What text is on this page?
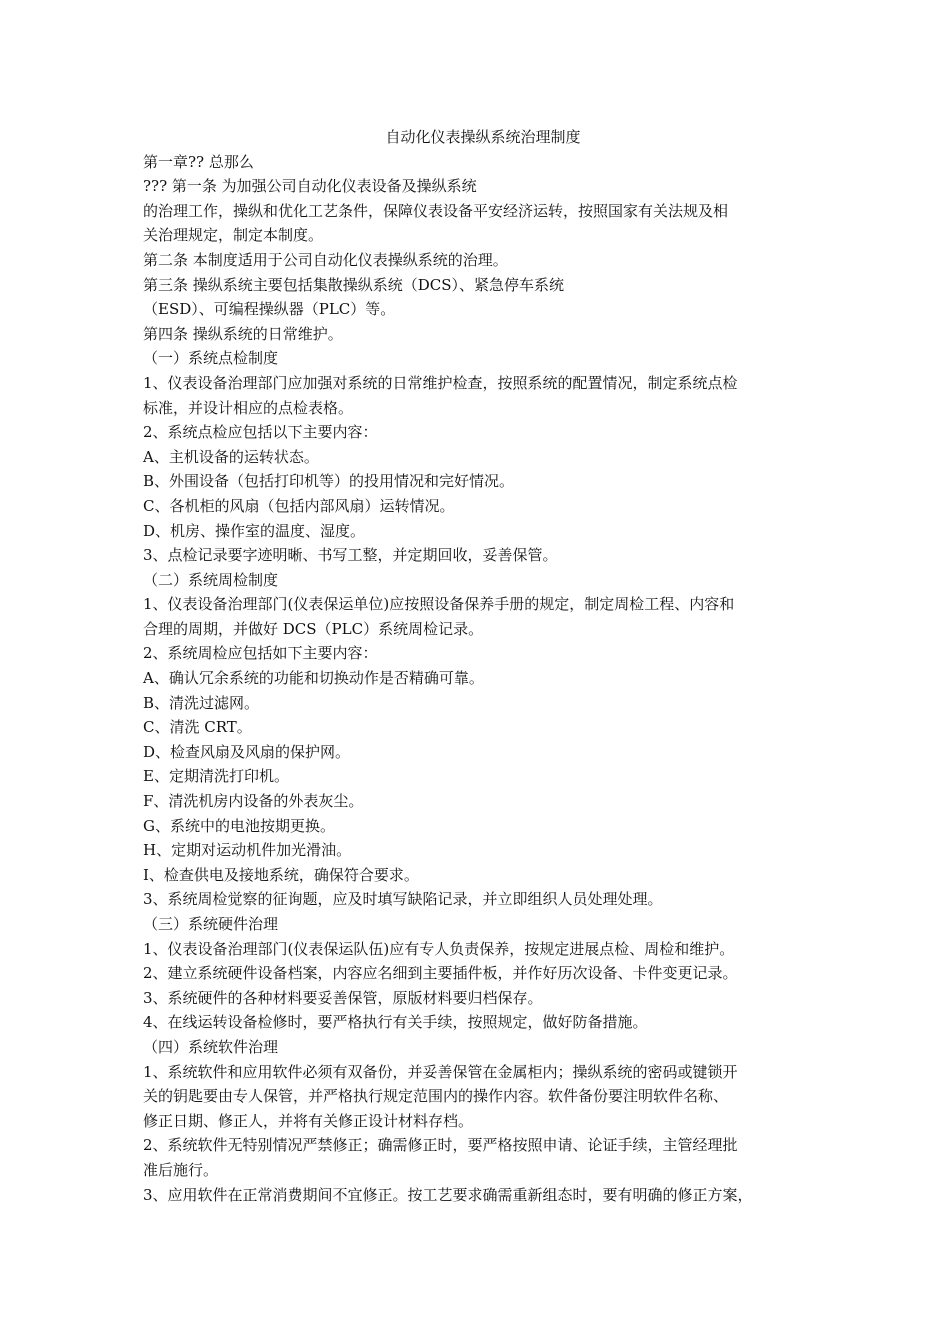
自动化仪表操纵系统治理制度
第一章?? 总那么
??? 第一条 为加强公司自动化仪表设备及操纵系统
的治理工作，操纵和优化工艺条件，保障仪表设备平安经济运转，按照国家有关法规及相
关治理规定，制定本制度。
第二条 本制度适用于公司自动化仪表操纵系统的治理。
第三条 操纵系统主要包括集散操纵系统（DCS）、紧急停车系统
（ESD）、可编程操纵器（PLC）等。
第四条 操纵系统的日常维护。
（一）系统点检制度
1、仪表设备治理部门应加强对系统的日常维护检查，按照系统的配置情况，制定系统点检
标准，并设计相应的点检表格。
2、系统点检应包括以下主要内容：
A、主机设备的运转状态。
B、外围设备（包括打印机等）的投用情况和完好情况。
C、各机柜的风扇（包括内部风扇）运转情况。
D、机房、操作室的温度、湿度。
3、点检记录要字迹明晰、书写工整，并定期回收，妥善保管。
（二）系统周检制度
1、仪表设备治理部门(仪表保运单位)应按照设备保养手册的规定，制定周检工程、内容和
合理的周期，并做好 DCS（PLC）系统周检记录。
2、系统周检应包括如下主要内容：
A、确认冗余系统的功能和切换动作是否精确可靠。
B、清洗过滤网。
C、清洗 CRT。
D、检查风扇及风扇的保护网。
E、定期清洗打印机。
F、清洗机房内设备的外表灰尘。
G、系统中的电池按期更换。
H、定期对运动机件加光滑油。
I、检查供电及接地系统，确保符合要求。
3、系统周检觉察的征询题，应及时填写缺陷记录，并立即组织人员处理处理。
（三）系统硬件治理
1、仪表设备治理部门(仪表保运队伍)应有专人负责保养，按规定进展点检、周检和维护。
2、建立系统硬件设备档案，内容应名细到主要插件板，并作好历次设备、卡件变更记录。
3、系统硬件的各种材料要妥善保管，原版材料要归档保存。
4、在线运转设备检修时，要严格执行有关手续，按照规定，做好防备措施。
（四）系统软件治理
1、系统软件和应用软件必须有双备份，并妥善保管在金属柜内；操纵系统的密码或键锁开
关的钥匙要由专人保管，并严格执行规定范围内的操作内容。软件备份要注明软件名称、
修正日期、修正人，并将有关修正设计材料存档。
2、系统软件无特别情况严禁修正；确需修正时，要严格按照申请、论证手续，主管经理批
准后施行。
3、应用软件在正常消费期间不宜修正。按工艺要求确需重新组态时，要有明确的修正方案，
